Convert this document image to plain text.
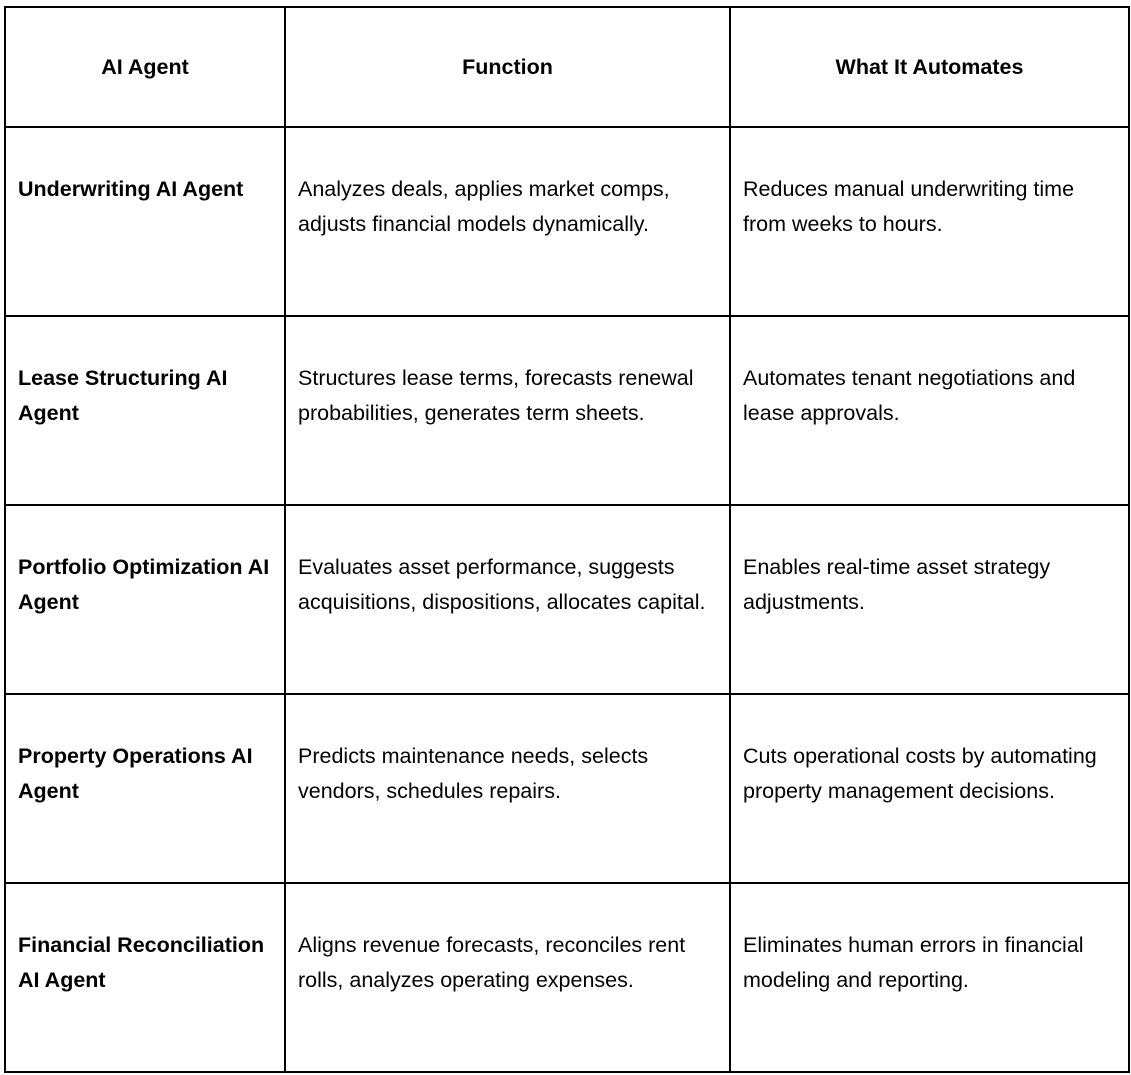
AI Agent	Function	What It Automates
Underwriting AI Agent	Analyzes deals, applies market comps, adjusts financial models dynamically.	Reduces manual underwriting time from weeks to hours.
Lease Structuring AI Agent	Structures lease terms, forecasts renewal probabilities, generates term sheets.	Automates tenant negotiations and lease approvals.
Portfolio Optimization AI Agent	Evaluates asset performance, suggests acquisitions, dispositions, allocates capital.	Enables real-time asset strategy adjustments.
Property Operations AI Agent	Predicts maintenance needs, selects vendors, schedules repairs.	Cuts operational costs by automating property management decisions.
Financial Reconciliation AI Agent	Aligns revenue forecasts, reconciles rent rolls, analyzes operating expenses.	Eliminates human errors in financial modeling and reporting.
